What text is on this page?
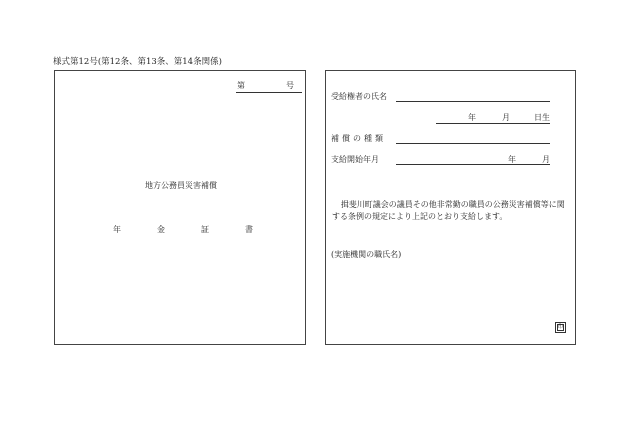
様式第12号(第12条、第13条、第14条関係)
第	号
地方公務員災害補償
年	金	証	書
受給権者の氏名
年	月	日生
補償の種類
支給開始年月	年	月
揖斐川町議会の議員その他非常勤の職員の公務災害補償等に関する条例の規定により上記のとおり支給します。
(実施機関の職氏名)
印
